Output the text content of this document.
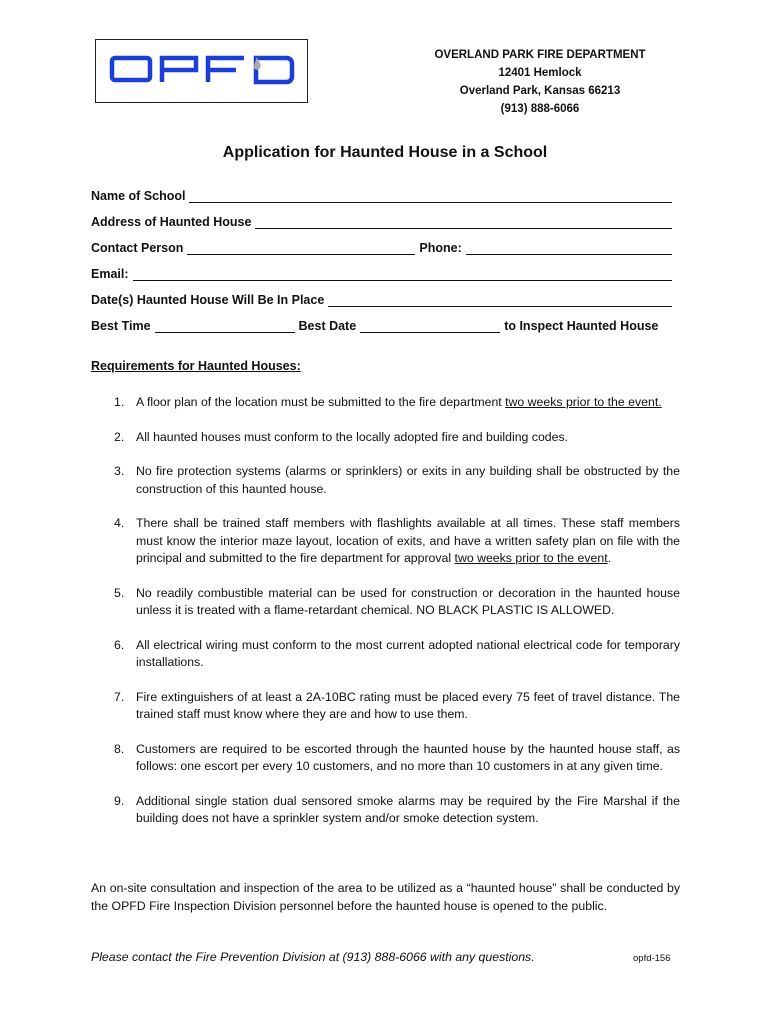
OVERLAND PARK FIRE DEPARTMENT
12401 Hemlock
Overland Park, Kansas 66213
(913) 888-6066
Application for Haunted House in a School
Name of School
Address of Haunted House
Contact Person	Phone:
Email:
Date(s) Haunted House Will Be In Place
Best Time	Best Date	to Inspect Haunted House
Requirements for Haunted Houses:
1. A floor plan of the location must be submitted to the fire department two weeks prior to the event.
2. All haunted houses must conform to the locally adopted fire and building codes.
3. No fire protection systems (alarms or sprinklers) or exits in any building shall be obstructed by the construction of this haunted house.
4. There shall be trained staff members with flashlights available at all times. These staff members must know the interior maze layout, location of exits, and have a written safety plan on file with the principal and submitted to the fire department for approval two weeks prior to the event.
5. No readily combustible material can be used for construction or decoration in the haunted house unless it is treated with a flame-retardant chemical. NO BLACK PLASTIC IS ALLOWED.
6. All electrical wiring must conform to the most current adopted national electrical code for temporary installations.
7. Fire extinguishers of at least a 2A-10BC rating must be placed every 75 feet of travel distance. The trained staff must know where they are and how to use them.
8. Customers are required to be escorted through the haunted house by the haunted house staff, as follows: one escort per every 10 customers, and no more than 10 customers in at any given time.
9. Additional single station dual sensored smoke alarms may be required by the Fire Marshal if the building does not have a sprinkler system and/or smoke detection system.
An on-site consultation and inspection of the area to be utilized as a “haunted house” shall be conducted by the OPFD Fire Inspection Division personnel before the haunted house is opened to the public.
Please contact the Fire Prevention Division at (913) 888-6066 with any questions.	opfd-156
